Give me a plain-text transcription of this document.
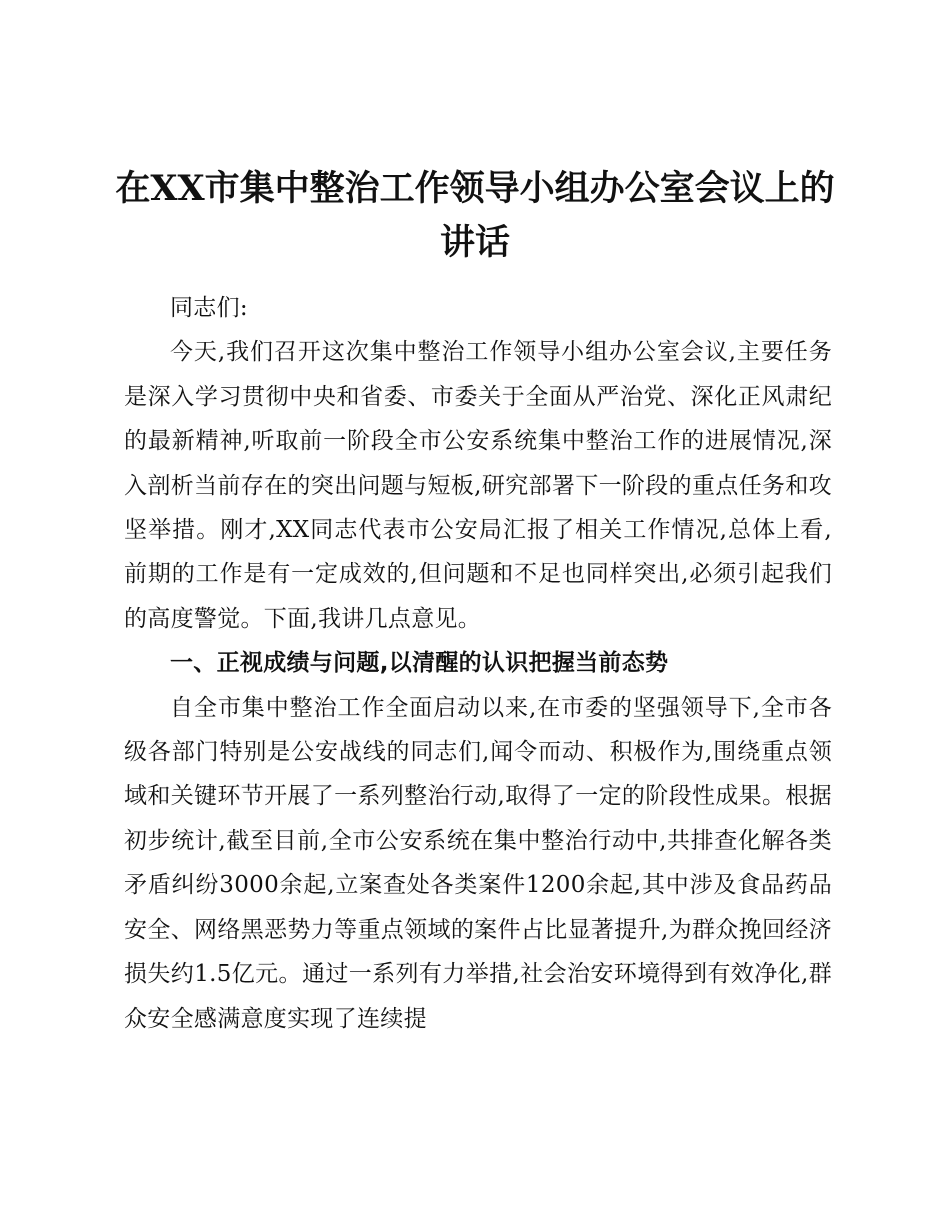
在XX市集中整治工作领导小组办公室会议上的讲话

同志们:

今天,我们召开这次集中整治工作领导小组办公室会议,主要任务是深入学习贯彻中央和省委、市委关于全面从严治党、深化正风肃纪的最新精神,听取前一阶段全市公安系统集中整治工作的进展情况,深入剖析当前存在的突出问题与短板,研究部署下一阶段的重点任务和攻坚举措。刚才,XX同志代表市公安局汇报了相关工作情况,总体上看,前期的工作是有一定成效的,但问题和不足也同样突出,必须引起我们的高度警觉。下面,我讲几点意见。

一、正视成绩与问题,以清醒的认识把握当前态势

自全市集中整治工作全面启动以来,在市委的坚强领导下,全市各级各部门特别是公安战线的同志们,闻令而动、积极作为,围绕重点领域和关键环节开展了一系列整治行动,取得了一定的阶段性成果。根据初步统计,截至目前,全市公安系统在集中整治行动中,共排查化解各类矛盾纠纷3000余起,立案查处各类案件1200余起,其中涉及食品药品安全、网络黑恶势力等重点领域的案件占比显著提升,为群众挽回经济损失约1.5亿元。通过一系列有力举措,社会治安环境得到有效净化,群众安全感满意度实现了连续提
